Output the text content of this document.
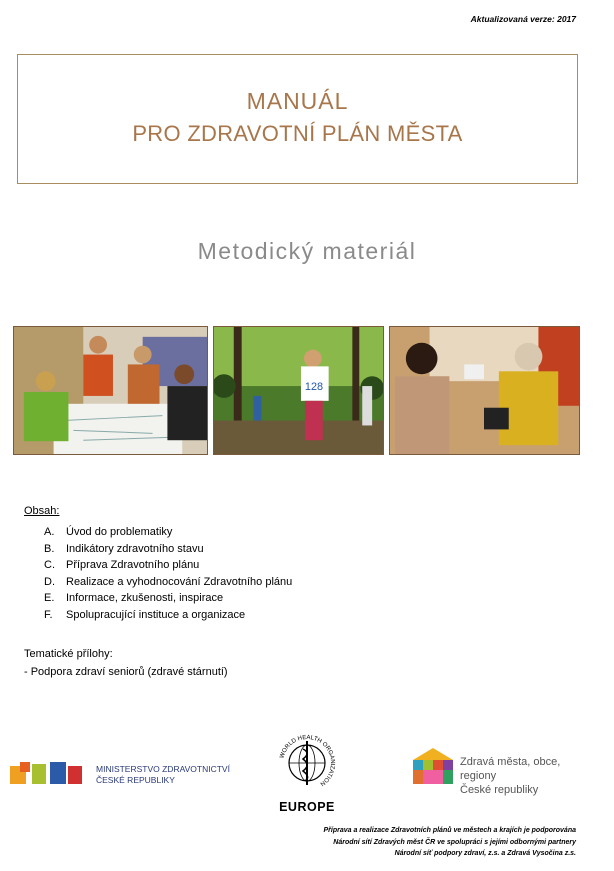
Aktualizovaná verze: 2017
MANUÁL
PRO ZDRAVOTNÍ PLÁN MĚSTA
Metodický materiál
128
Obsah:
A. Úvod do problematiky
B. Indikátory zdravotního stavu
C. Příprava Zdravotního plánu
D. Realizace a vyhodnocování Zdravotního plánu
E. Informace, zkušenosti, inspirace
F. Spolupracující instituce a organizace
Tematické přílohy:
- Podpora zdraví seniorů (zdravé stárnutí)
MINISTERSTVO ZDRAVOTNICTVÍ
ČESKÉ REPUBLIKY
WORLD HEALTH ORGANIZATION
EUROPE
Zdravá města, obce, regiony
České republiky
Příprava a realizace Zdravotních plánů ve městech a krajích je podporována
Národní sítí Zdravých měst ČR ve spolupráci s jejími odbornými partnery
Národní síť podpory zdraví, z.s. a Zdravá Vysočina z.s.
